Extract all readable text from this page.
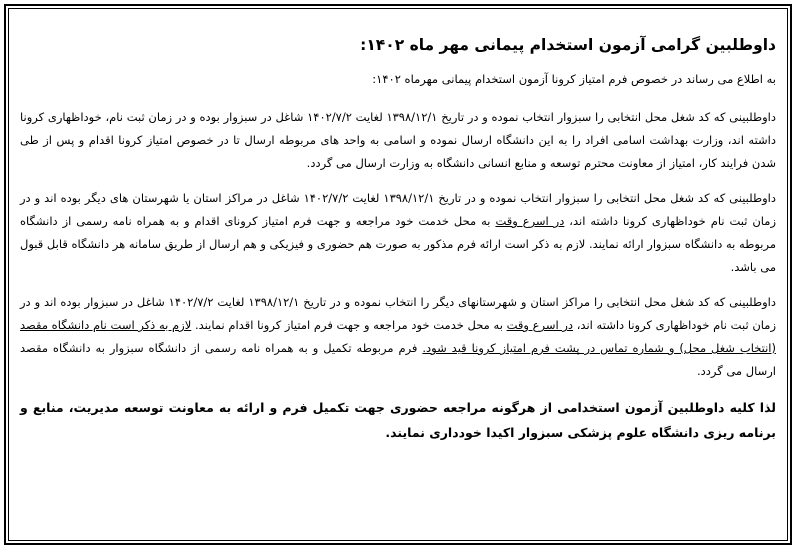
داوطلبین گرامی آزمون استخدام پیمانی مهر ماه ۱۴۰۲:

به اطلاع می رساند در خصوص فرم امتیاز کرونا آزمون استخدام پیمانی مهرماه ۱۴۰۲:

داوطلبینی که کد شغل محل انتخابی را سبزوار انتخاب نموده و در تاریخ ۱۳۹۸/۱۲/۱ لغایت ۱۴۰۲/۷/۲ شاغل در سبزوار بوده و در زمان ثبت نام، خوداظهاری کرونا داشته اند، وزارت بهداشت اسامی افراد را به این دانشگاه ارسال نموده و اسامی به واحد های مربوطه ارسال تا در خصوص امتیاز کرونا اقدام و پس از طی شدن فرایند کار، امتیاز از معاونت محترم توسعه و منابع انسانی دانشگاه به وزارت ارسال می گردد.

داوطلبینی که کد شغل محل انتخابی را سبزوار انتخاب نموده و در تاریخ ۱۳۹۸/۱۲/۱ لغایت ۱۴۰۲/۷/۲ شاغل در مراکز استان یا شهرستان های دیگر بوده اند و در زمان ثبت نام خوداظهاری کرونا داشته اند، در اسرع وقت به محل خدمت خود مراجعه و جهت فرم امتیاز کرونای اقدام و به همراه نامه رسمی از دانشگاه مربوطه به دانشگاه سبزوار ارائه نمایند. لازم به ذکر است ارائه فرم مذکور به صورت هم حضوری و فیزیکی و هم ارسال از طریق سامانه هر دانشگاه قابل قبول می باشد.

داوطلبینی که کد شغل محل انتخابی را مراکز استان و شهرستانهای دیگر را انتخاب نموده و در تاریخ ۱۳۹۸/۱۲/۱ لغایت ۱۴۰۲/۷/۲ شاغل در سبزوار بوده اند و در زمان ثبت نام خوداظهاری کرونا داشته اند، در اسرع وقت به محل خدمت خود مراجعه و جهت فرم امتیاز کرونا اقدام نمایند. لازم به ذکر است نام دانشگاه مقصد (انتخاب شغل محل) و شماره تماس در پشت فرم امتیاز کرونا قید شود. فرم مربوطه تکمیل و به همراه نامه رسمی از دانشگاه سبزوار به دانشگاه مقصد ارسال می گردد.

لذا کلیه داوطلبین آزمون استخدامی از هرگونه مراجعه حضوری جهت تکمیل فرم و ارائه به معاونت توسعه مدیریت، منابع و برنامه ریزی دانشگاه علوم پزشکی سبزوار اکیدا خودداری نمایند.
